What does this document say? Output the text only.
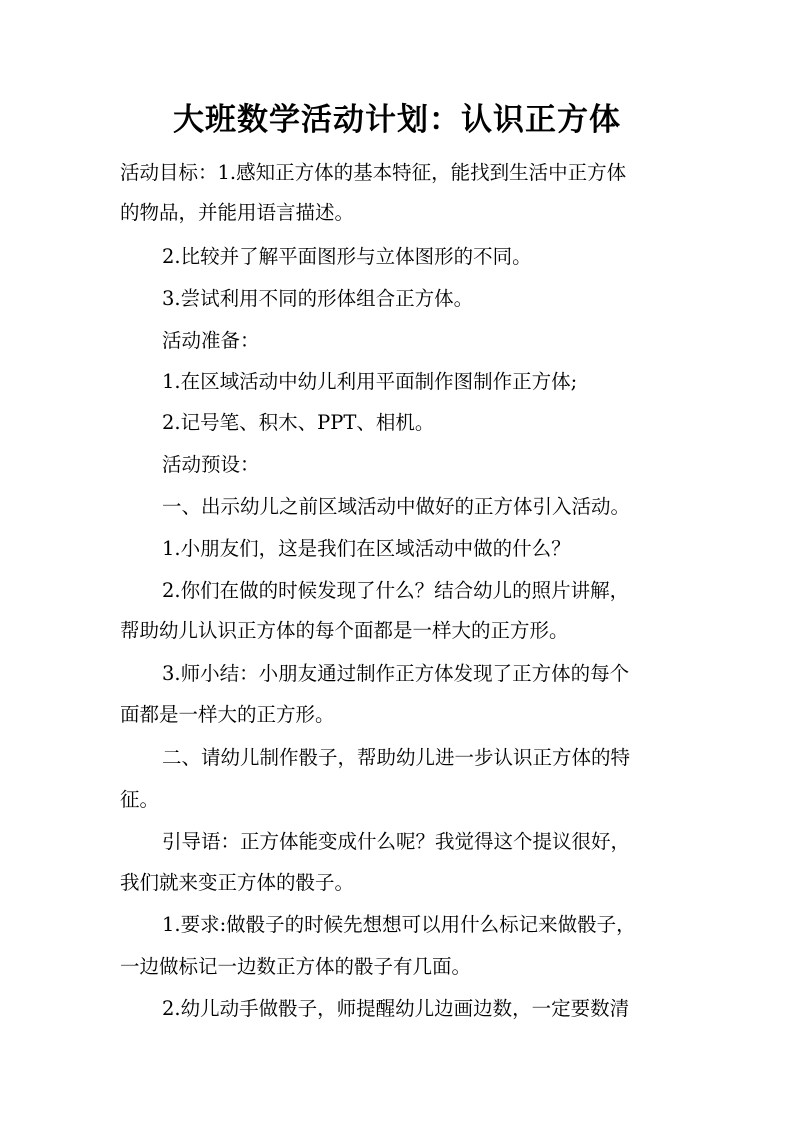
大班数学活动计划：认识正方体
活动目标：1.感知正方体的基本特征，能找到生活中正方体
的物品，并能用语言描述。
2.比较并了解平面图形与立体图形的不同。
3.尝试利用不同的形体组合正方体。
活动准备：
1.在区域活动中幼儿利用平面制作图制作正方体;
2.记号笔、积木、PPT、相机。
活动预设：
一、出示幼儿之前区域活动中做好的正方体引入活动。
1.小朋友们，这是我们在区域活动中做的什么？
2.你们在做的时候发现了什么？结合幼儿的照片讲解，
帮助幼儿认识正方体的每个面都是一样大的正方形。
3.师小结：小朋友通过制作正方体发现了正方体的每个
面都是一样大的正方形。
二、请幼儿制作骰子，帮助幼儿进一步认识正方体的特
征。
引导语：正方体能变成什么呢？我觉得这个提议很好，
我们就来变正方体的骰子。
1.要求:做骰子的时候先想想可以用什么标记来做骰子，
一边做标记一边数正方体的骰子有几面。
2.幼儿动手做骰子，师提醒幼儿边画边数，一定要数清
